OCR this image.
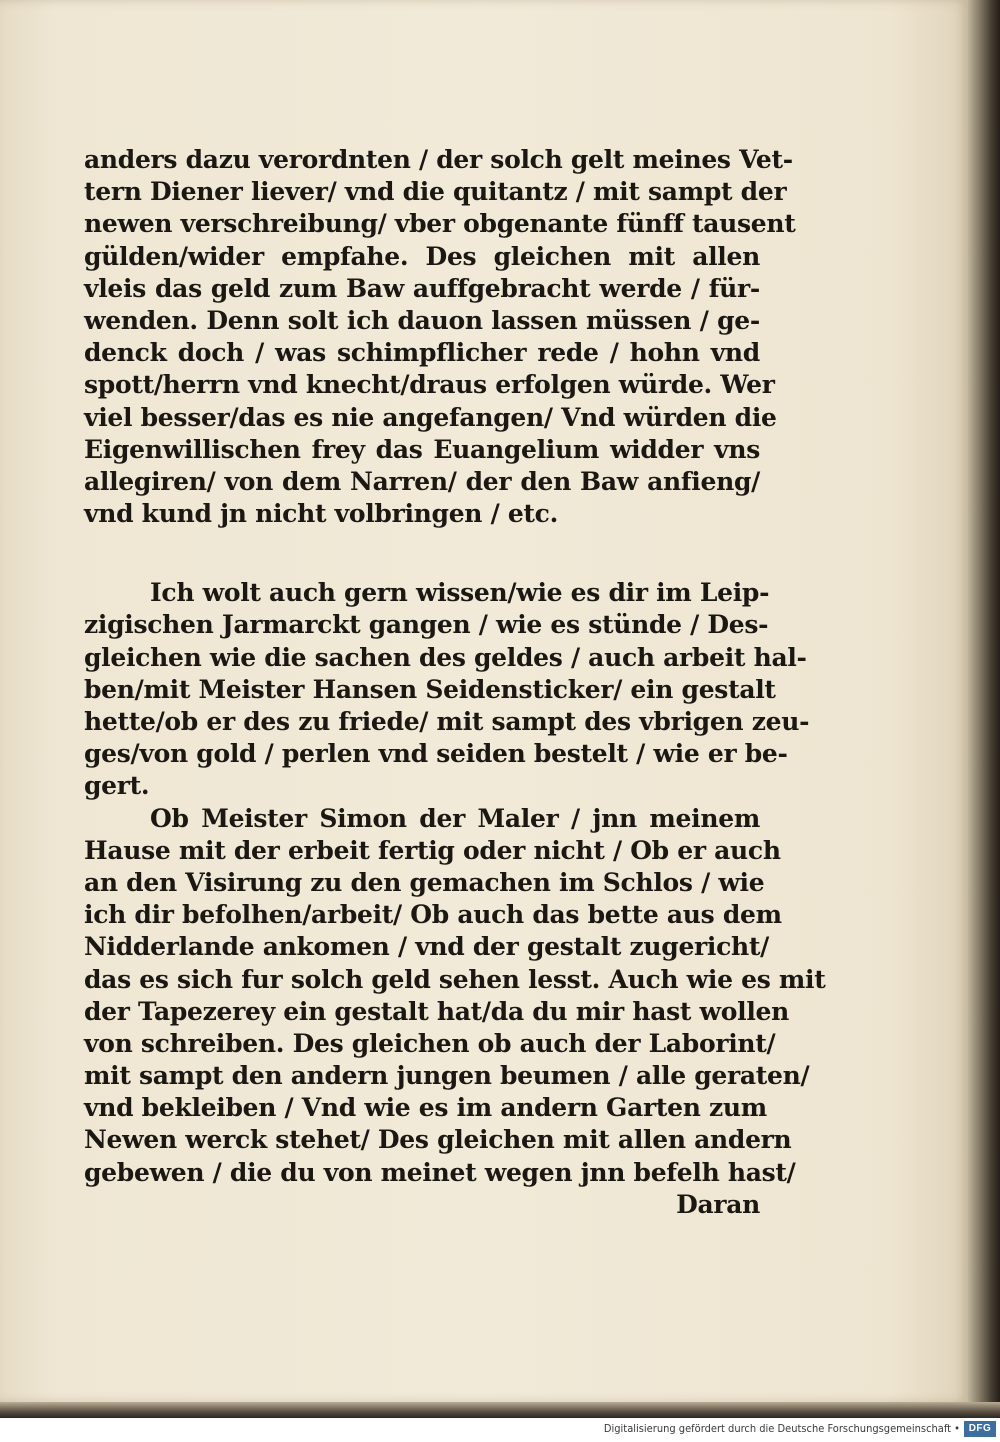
anders dazu verordnten / der solch gelt meines Vet-
tern Diener liever/ vnd die quitantz / mit sampt der
newen verschreibung/ vber obgenante fünff tausent
gülden/wider empfahe. Des gleichen mit allen
vleis das geld zum Baw auffgebracht werde / für-
wenden. Denn solt ich dauon lassen müssen / ge-
denck doch / was schimpflicher rede / hohn vnd
spott/herrn vnd knecht/draus erfolgen würde. Wer
viel besser/das es nie angefangen/ Vnd würden die
Eigenwillischen frey das Euangelium widder vns
allegiren/ von dem Narren/ der den Baw anfieng/
vnd kund jn nicht volbringen / etc.
Ich wolt auch gern wissen/wie es dir im Leip-
zigischen Jarmarckt gangen / wie es stünde / Des-
gleichen wie die sachen des geldes / auch arbeit hal-
ben/mit Meister Hansen Seidensticker/ ein gestalt
hette/ob er des zu friede/ mit sampt des vbrigen zeu-
ges/von gold / perlen vnd seiden bestelt / wie er be-
gert.
Ob Meister Simon der Maler / jnn meinem
Hause mit der erbeit fertig oder nicht / Ob er auch
an den Visirung zu den gemachen im Schlos / wie
ich dir befolhen/arbeit/ Ob auch das bette aus dem
Nidderlande ankomen / vnd der gestalt zugericht/
das es sich fur solch geld sehen lesst. Auch wie es mit
der Tapezerey ein gestalt hat/da du mir hast wollen
von schreiben. Des gleichen ob auch der Laborint/
mit sampt den andern jungen beumen / alle geraten/
vnd bekleiben / Vnd wie es im andern Garten zum
Newen werck stehet/ Des gleichen mit allen andern
gebewen / die du von meinet wegen jnn befelh hast/
Daran
Digitalisierung gefördert durch die Deutsche Forschungsgemeinschaft • DFG
